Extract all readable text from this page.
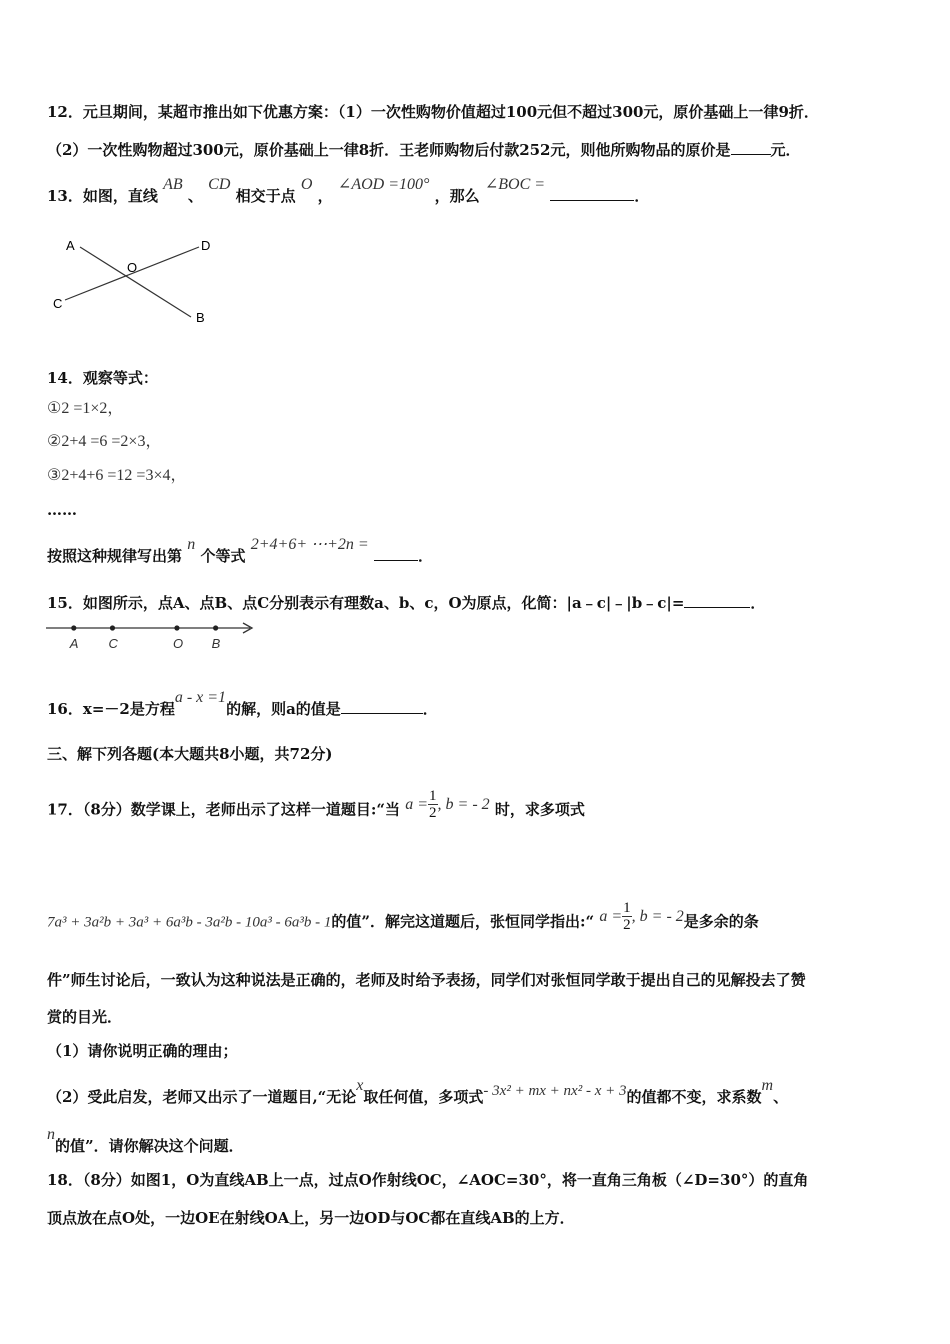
12．元旦期间，某超市推出如下优惠方案：（1）一次性购物价值超过100元但不超过300元，原价基础上一律9折．
（2）一次性购物超过300元，原价基础上一律8折．王老师购物后付款252元，则他所购物品的原价是	元．
13．如图，直线 AB 、 CD 相交于点 O ， ∠AOD =100° ，那么 ∠BOC = ．
A
O
D
C
B
14．观察等式：
①2 =1×2，
②2+4 =6 =2×3，
③2+4+6 =12 =3×4，
……
按照这种规律写出第 n 个等式 2+4+6+ ⋯+2n = ．
15．如图所示，点A、点B、点C分别表示有理数a、b、c，O为原点，化简：|a﹣c|﹣|b﹣c|=	．
A C	O B
16．x=－2是方程a - x =1的解，则a的值是	．
三、解下列各题(本大题共8小题，共72分)
17．（8分）数学课上，老师出示了这样一道题目:“当 $a = \frac{1}{2}$ , b = - 2 时，求多项式
7a³ + 3a²b + 3a³ + 6a³b - 3a²b - 10a³ - 6a³b - 1的值”．解完这道题后，张恒同学指出:“ $a = \frac{1}{2}$ , b = - 2是多余的条
件”师生讨论后，一致认为这种说法是正确的，老师及时给予表扬，同学们对张恒同学敢于提出自己的见解投去了赞
赏的目光．
（1）请你说明正确的理由；
（2）受此启发，老师又出示了一道题目,“无论x取任何值，多项式- 3x² + mx + nx² - x + 3的值都不变，求系数m、
n的值”．请你解决这个问题．
18．（8分）如图1，O为直线AB上一点，过点O作射线OC，∠AOC=30°，将一直角三角板（∠D=30°）的直角
顶点放在点O处，一边OE在射线OA上，另一边OD与OC都在直线AB的上方．
